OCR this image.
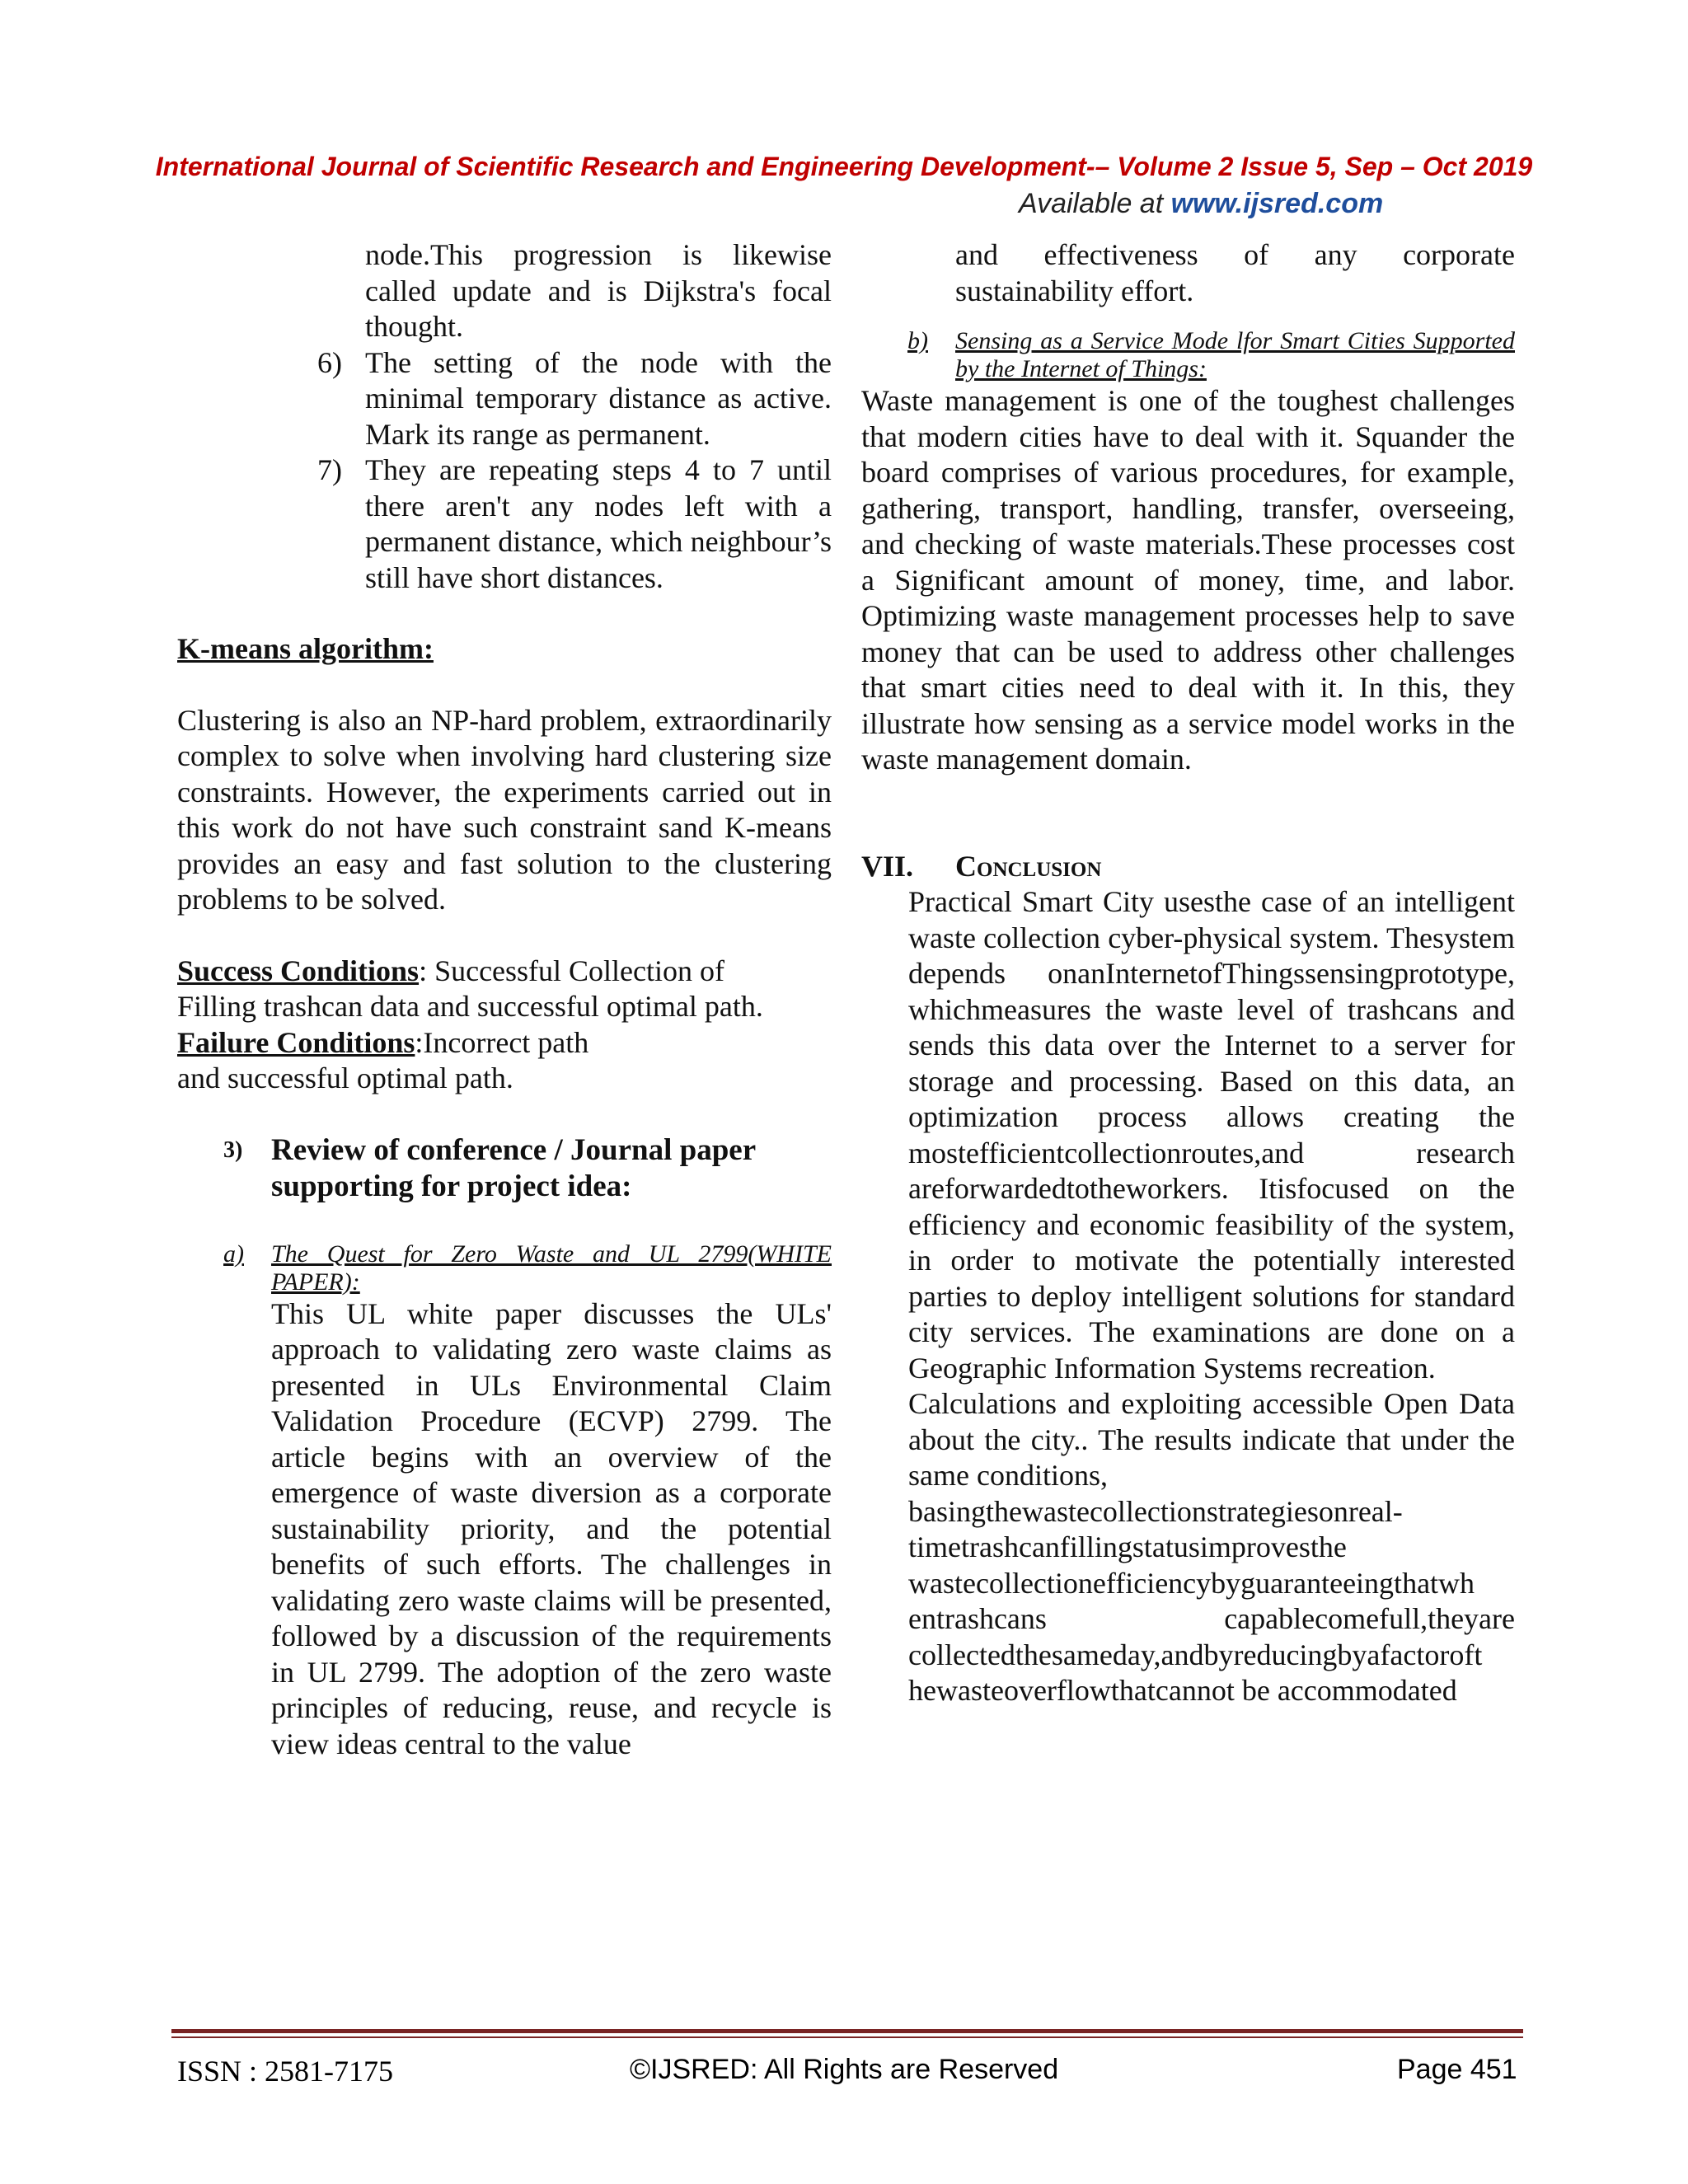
International Journal of Scientific Research and Engineering Development-– Volume 2 Issue 5, Sep – Oct 2019
Available at www.ijsred.com

node.This progression is likewise called update and is Dijkstra's focal thought.

6) The setting of the node with the minimal temporary distance as active. Mark its range as permanent.
7) They are repeating steps 4 to 7 until there aren't any nodes left with a permanent distance, which neighbour’s still have short distances.

K-means algorithm:

Clustering is also an NP-hard problem, extraordinarily complex to solve when involving hard clustering size constraints. However, the experiments carried out in this work do not have such constraint sand K-means provides an easy and fast solution to the clustering problems to be solved.

Success Conditions: Successful Collection of

Filling trashcan data and successful optimal path.

Failure Conditions:Incorrect path

and successful optimal path.

3) Review of conference / Journal paper supporting for project idea:
a)	The Quest for Zero Waste and UL 2799(WHITE PAPER):

This UL white paper discusses the ULs' approach to validating zero waste claims as presented in ULs Environmental Claim Validation Procedure (ECVP) 2799. The article begins with an overview of the emergence of waste diversion as a corporate sustainability priority, and the potential benefits of such efforts. The challenges in validating zero waste claims will be presented, followed by a discussion of the requirements in UL 2799. The adoption of the zero waste principles of reducing, reuse, and recycle is view ideas central to the value

and effectiveness of any corporate sustainability effort.

b)	Sensing as a Service Mode lfor Smart Cities Supported by the Internet of Things:

Waste management is one of the toughest challenges that modern cities have to deal with it. Squander the board comprises of various procedures, for example, gathering, transport, handling, transfer, overseeing, and checking of waste materials.These processes cost a Significant amount of money, time, and labor. Optimizing waste management processes help to save money that can be used to address other challenges that smart cities need to deal with it. In this, they illustrate how sensing as a service model works in the waste management domain.

VII.	Conclusion

Practical Smart City usesthe case of an intelligent waste collection cyber-physical system. Thesystem depends onanInternetofThingssensingprototype, whichmeasures the waste level of trashcans and sends this data over the Internet to a server for storage and processing. Based on this data, an optimization process allows creating the mostefficientcollectionroutes,and research areforwardedtotheworkers. Itisfocused on the efficiency and economic feasibility of the system, in order to motivate the potentially interested parties to deploy intelligent solutions for standard city services. The examinations are done on a Geographic Information Systems recreation.

Calculations and exploiting accessible Open Data about the city.. The results indicate that under the same conditions,
basingthewastecollectionstrategiesonreal-
timetrashcanfillingstatusimprovesthe
wastecollectionefficiencybyguaranteeingthatwh
entrashcans capablecomefull,theyare collectedthesameday,andbyreducingbyafactoroft hewasteoverflowthatcannot be accommodated

ISSN : 2581-7175	©IJSRED: All Rights are Reserved	Page 451
